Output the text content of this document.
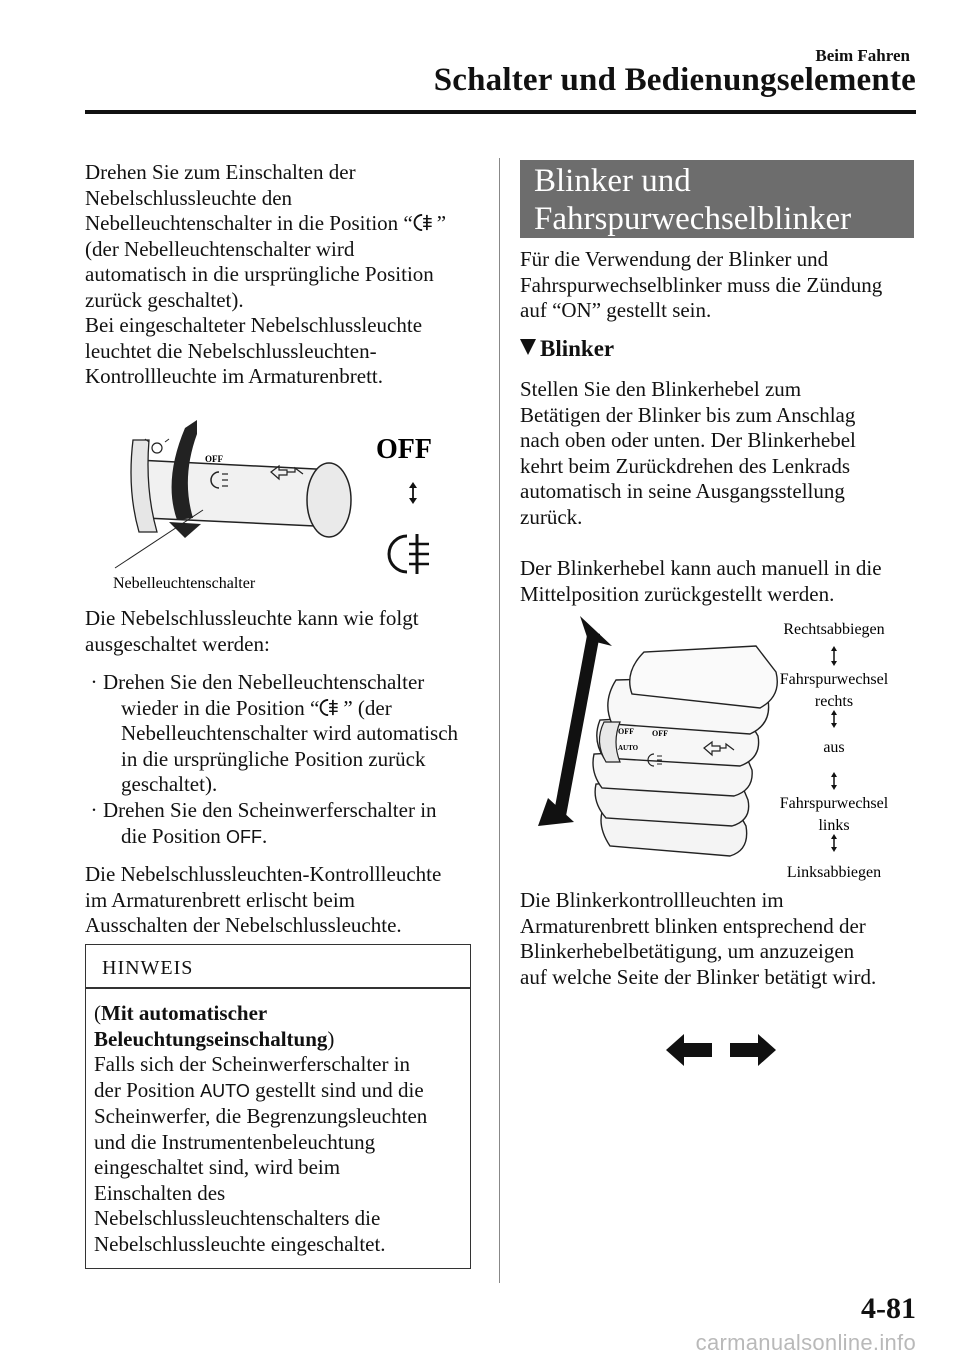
Beim Fahren
Schalter und Bedienungselemente
Drehen Sie zum Einschalten der
Nebelschlussleuchte den
Nebelleuchtenschalter in die Position “ ”
(der Nebelleuchtenschalter wird
automatisch in die ursprüngliche Position
zurück geschaltet).
Bei eingeschalteter Nebelschlussleuchte
leuchtet die Nebelschlussleuchten-
Kontrollleuchte im Armaturenbrett.
OFF
Nebelleuchtenschalter
OFF
Die Nebelschlussleuchte kann wie folgt
ausgeschaltet werden:
· Drehen Sie den Nebelleuchtenschalter
wieder in die Position “ ” (der
Nebelleuchtenschalter wird automatisch
in die ursprüngliche Position zurück
geschaltet).
· Drehen Sie den Scheinwerferschalter in
die Position OFF.
Die Nebelschlussleuchten-Kontrollleuchte
im Armaturenbrett erlischt beim
Ausschalten der Nebelschlussleuchte.
HINWEIS
(Mit automatischer
Beleuchtungseinschaltung)
Falls sich der Scheinwerferschalter in
der Position AUTO gestellt sind und die
Scheinwerfer, die Begrenzungsleuchten
und die Instrumentenbeleuchtung
eingeschaltet sind, wird beim
Einschalten des
Nebelschlussleuchtenschalters die
Nebelschlussleuchte eingeschaltet.
Blinker und
Fahrspurwechselblinker
Für die Verwendung der Blinker und
Fahrspurwechselblinker muss die Zündung
auf “ON” gestellt sein.
Blinker
Stellen Sie den Blinkerhebel zum
Betätigen der Blinker bis zum Anschlag
nach oben oder unten. Der Blinkerhebel
kehrt beim Zurückdrehen des Lenkrads
automatisch in seine Ausgangsstellung
zurück.
Der Blinkerhebel kann auch manuell in die
Mittelposition zurückgestellt werden.
OFF OFF
AUTO
Rechtsabbiegen
Fahrspurwechsel
rechts
aus
Fahrspurwechsel
links
Linksabbiegen
Die Blinkerkontrollleuchten im
Armaturenbrett blinken entsprechend der
Blinkerhebelbetätigung, um anzuzeigen
auf welche Seite der Blinker betätigt wird.
4-81
carmanualsonline.info
